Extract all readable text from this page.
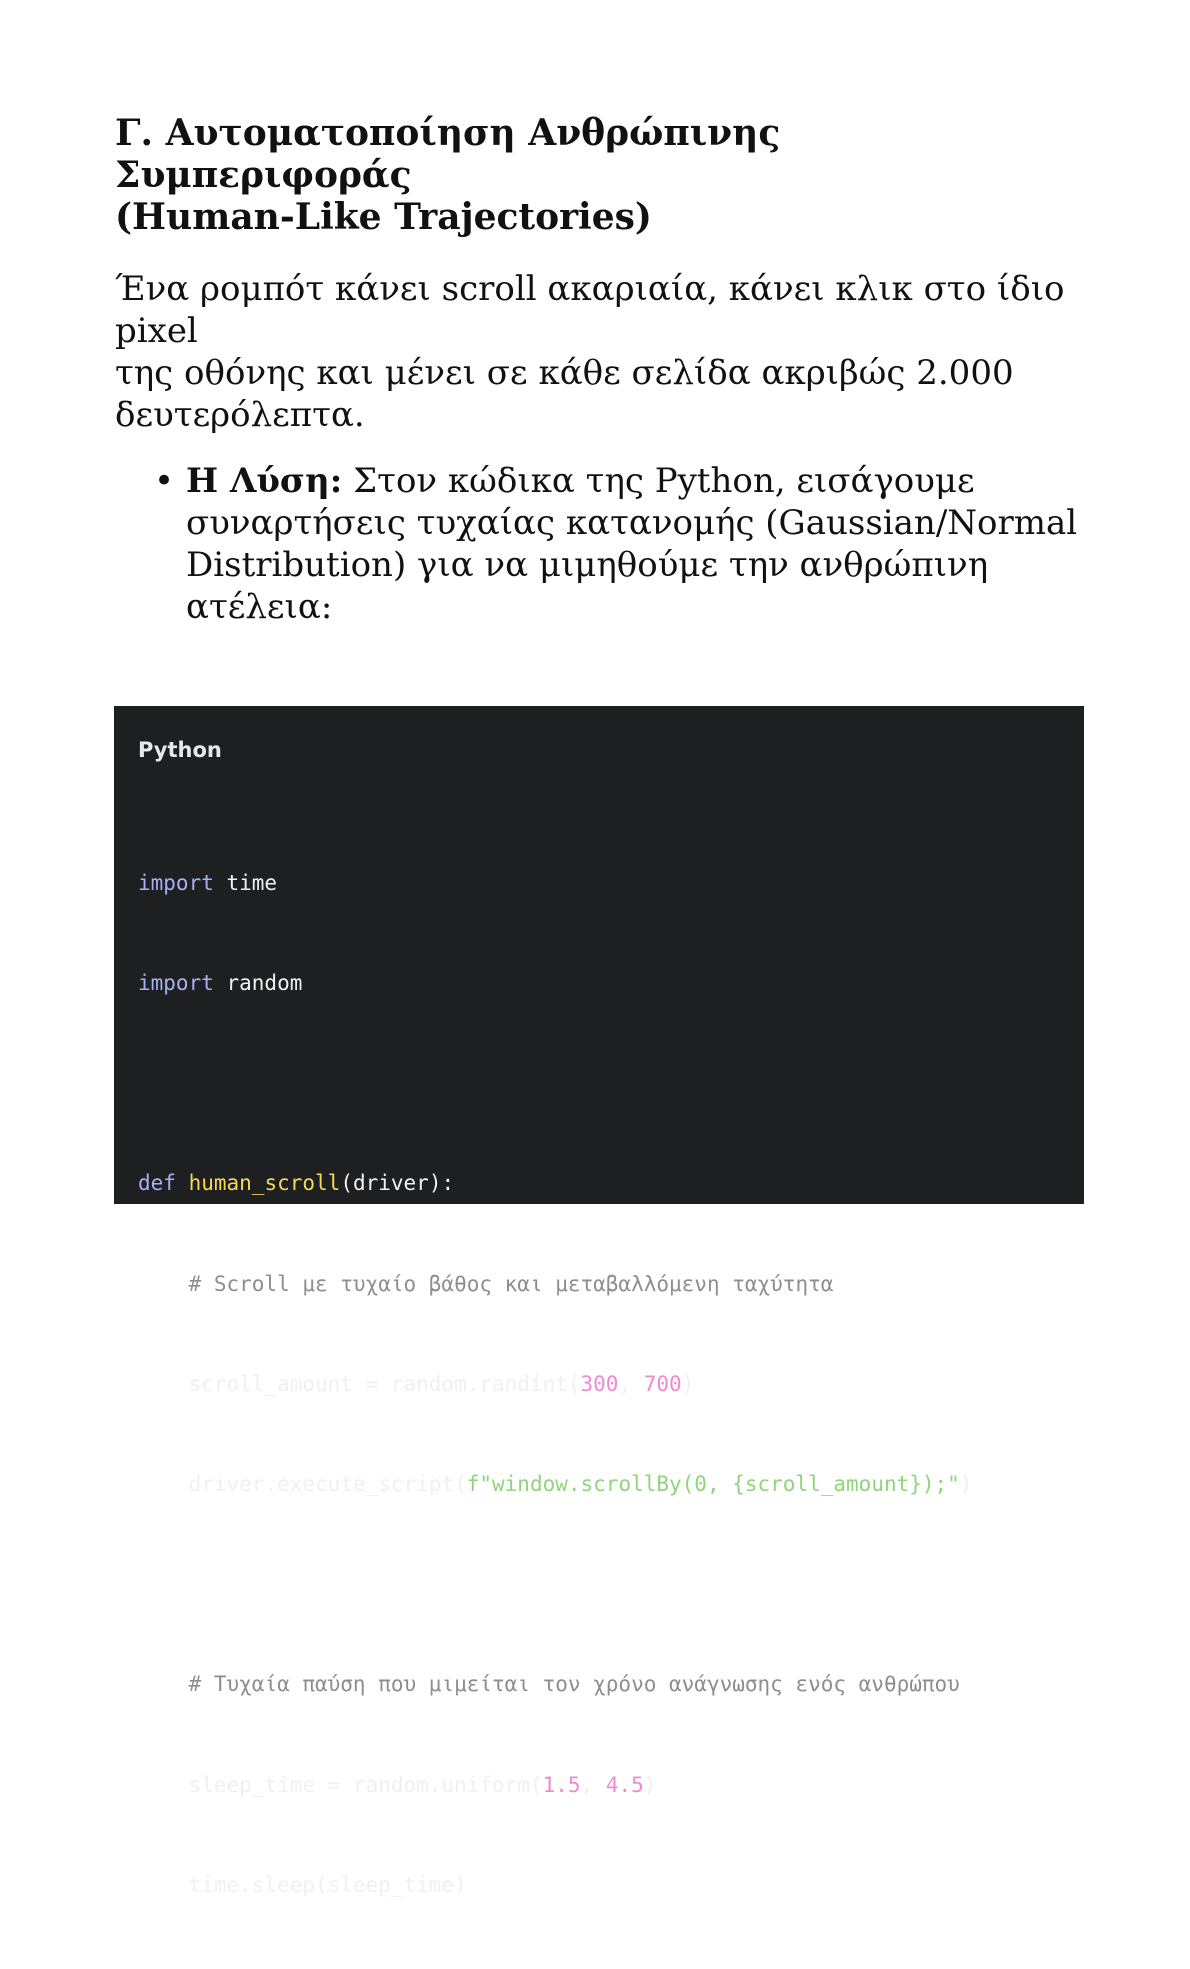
Γ. Αυτοματοποίηση Ανθρώπινης Συμπεριφοράς
(Human-Like Trajectories)

Ένα ρομπότ κάνει scroll ακαριαία, κάνει κλικ στο ίδιο pixel
της οθόνης και μένει σε κάθε σελίδα ακριβώς 2.000
δευτερόλεπτα.

• Η Λύση: Στον κώδικα της Python, εισάγουμε
συναρτήσεις τυχαίας κατανομής (Gaussian/Normal
Distribution) για να μιμηθούμε την ανθρώπινη ατέλεια:
Python

import time

import random

def human_scroll(driver):

# Scroll με τυχαίο βάθος και μεταβαλλόμενη ταχύτητα

scroll_amount = random.randint(300, 700)

driver.execute_script(f"window.scrollBy(0, {scroll_amount});")

# Τυχαία παύση που μιμείται τον χρόνο ανάγνωσης ενός ανθρώπου

sleep_time = random.uniform(1.5, 4.5)

time.sleep(sleep_time)
